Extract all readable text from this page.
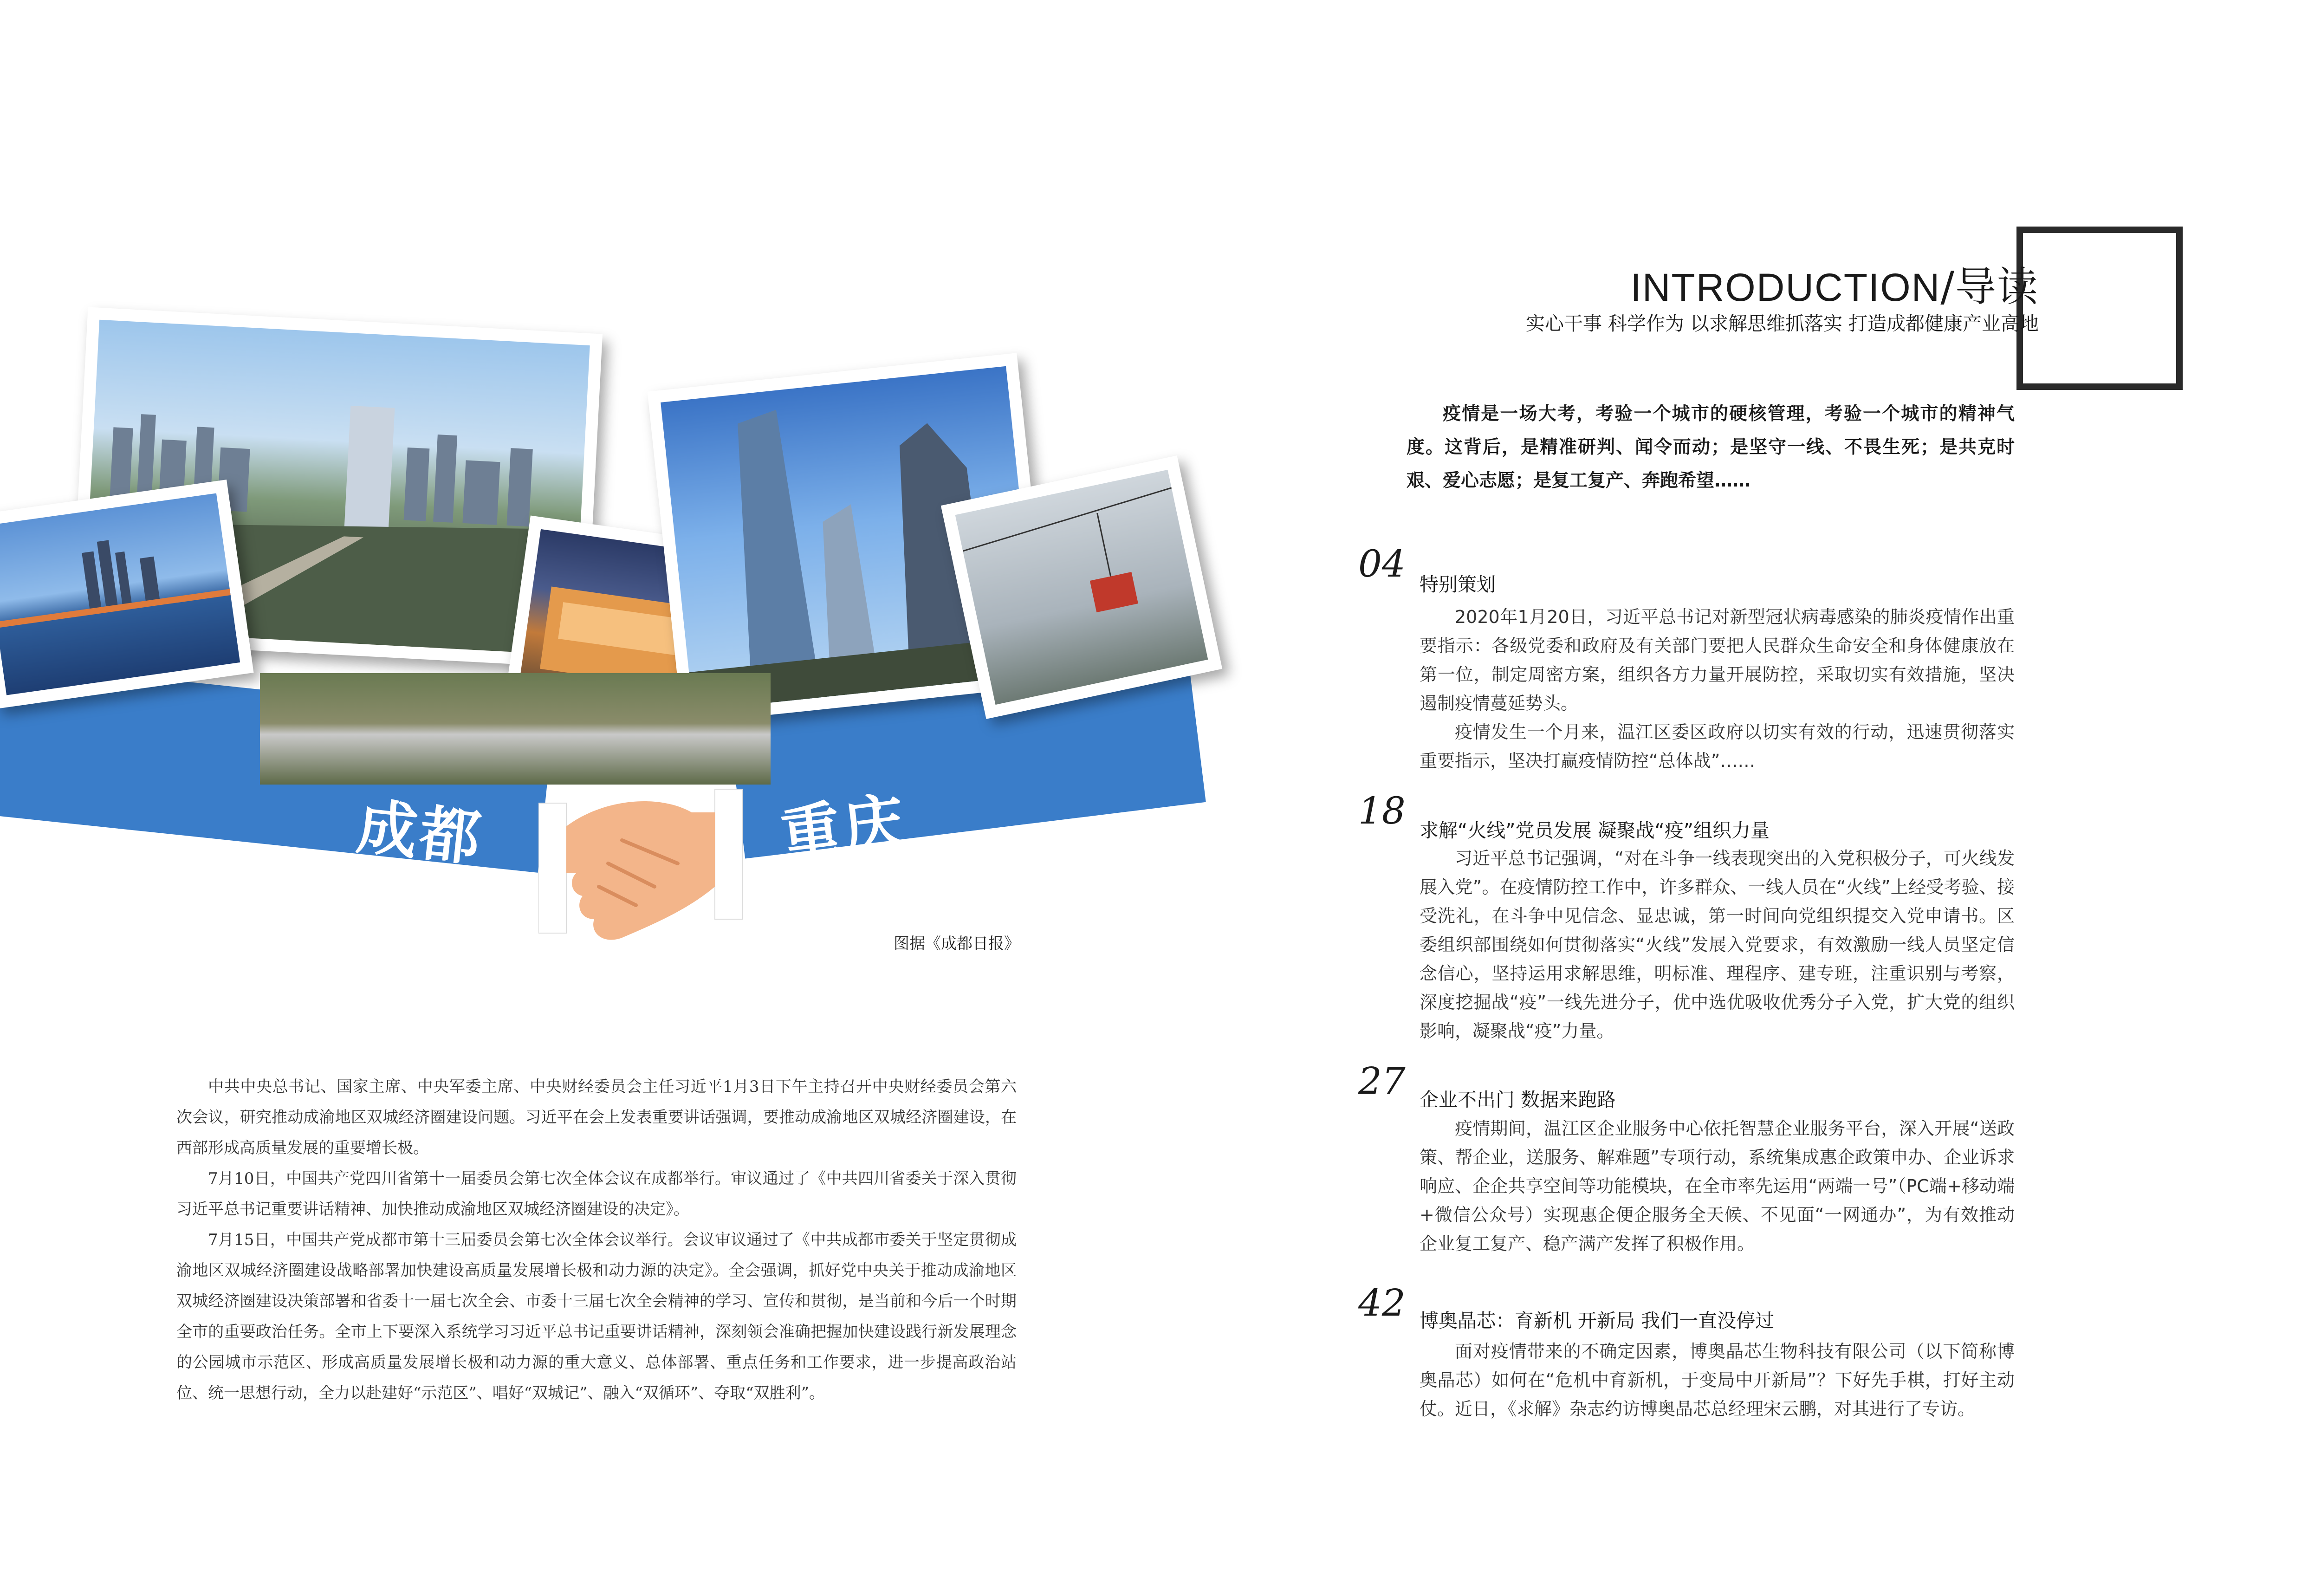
成都	重庆
图据《成都日报》

中共中央总书记、国家主席、中央军委主席、中央财经委员会主任习近平1月3日下午主持召开中央财经委员会第六次会议，研究推动成渝地区双城经济圈建设问题。习近平在会上发表重要讲话强调，要推动成渝地区双城经济圈建设，在西部形成高质量发展的重要增长极。

7月10日，中国共产党四川省第十一届委员会第七次全体会议在成都举行。审议通过了《中共四川省委关于深入贯彻习近平总书记重要讲话精神、加快推动成渝地区双城经济圈建设的决定》。

7月15日，中国共产党成都市第十三届委员会第七次全体会议举行。会议审议通过了《中共成都市委关于坚定贯彻成渝地区双城经济圈建设战略部署加快建设高质量发展增长极和动力源的决定》。全会强调，抓好党中央关于推动成渝地区双城经济圈建设决策部署和省委十一届七次全会、市委十三届七次全会精神的学习、宣传和贯彻，是当前和今后一个时期全市的重要政治任务。全市上下要深入系统学习习近平总书记重要讲话精神，深刻领会准确把握加快建设践行新发展理念的公园城市示范区、形成高质量发展增长极和动力源的重大意义、总体部署、重点任务和工作要求，进一步提高政治站位、统一思想行动，全力以赴建好“示范区”、唱好“双城记”、融入“双循环”、夺取“双胜利”。

INTRODUCTION/导读
实心干事 科学作为 以求解思维抓落实 打造成都健康产业高地

疫情是一场大考，考验一个城市的硬核管理，考验一个城市的精神气度。这背后，是精准研判、闻令而动；是坚守一线、不畏生死；是共克时艰、爱心志愿；是复工复产、奔跑希望……

04 特别策划

2020年1月20日，习近平总书记对新型冠状病毒感染的肺炎疫情作出重要指示：各级党委和政府及有关部门要把人民群众生命安全和身体健康放在第一位，制定周密方案，组织各方力量开展防控，采取切实有效措施，坚决遏制疫情蔓延势头。

疫情发生一个月来，温江区委区政府以切实有效的行动，迅速贯彻落实重要指示，坚决打赢疫情防控“总体战”……

18 求解“火线”党员发展 凝聚战“疫”组织力量

习近平总书记强调，“对在斗争一线表现突出的入党积极分子，可火线发展入党”。在疫情防控工作中，许多群众、一线人员在“火线”上经受考验、接受洗礼，在斗争中见信念、显忠诚，第一时间向党组织提交入党申请书。区委组织部围绕如何贯彻落实“火线”发展入党要求，有效激励一线人员坚定信念信心，坚持运用求解思维，明标准、理程序、建专班，注重识别与考察，深度挖掘战“疫”一线先进分子，优中选优吸收优秀分子入党，扩大党的组织影响，凝聚战“疫”力量。

27 企业不出门 数据来跑路

疫情期间，温江区企业服务中心依托智慧企业服务平台，深入开展“送政策、帮企业，送服务、解难题”专项行动，系统集成惠企政策申办、企业诉求响应、企企共享空间等功能模块，在全市率先运用“两端一号”（PC端+移动端+微信公众号）实现惠企便企服务全天候、不见面“一网通办”，为有效推动企业复工复产、稳产满产发挥了积极作用。

42 博奥晶芯：育新机 开新局 我们一直没停过

面对疫情带来的不确定因素，博奥晶芯生物科技有限公司（以下简称博奥晶芯）如何在“危机中育新机，于变局中开新局”？下好先手棋，打好主动仗。近日，《求解》杂志约访博奥晶芯总经理宋云鹏，对其进行了专访。
